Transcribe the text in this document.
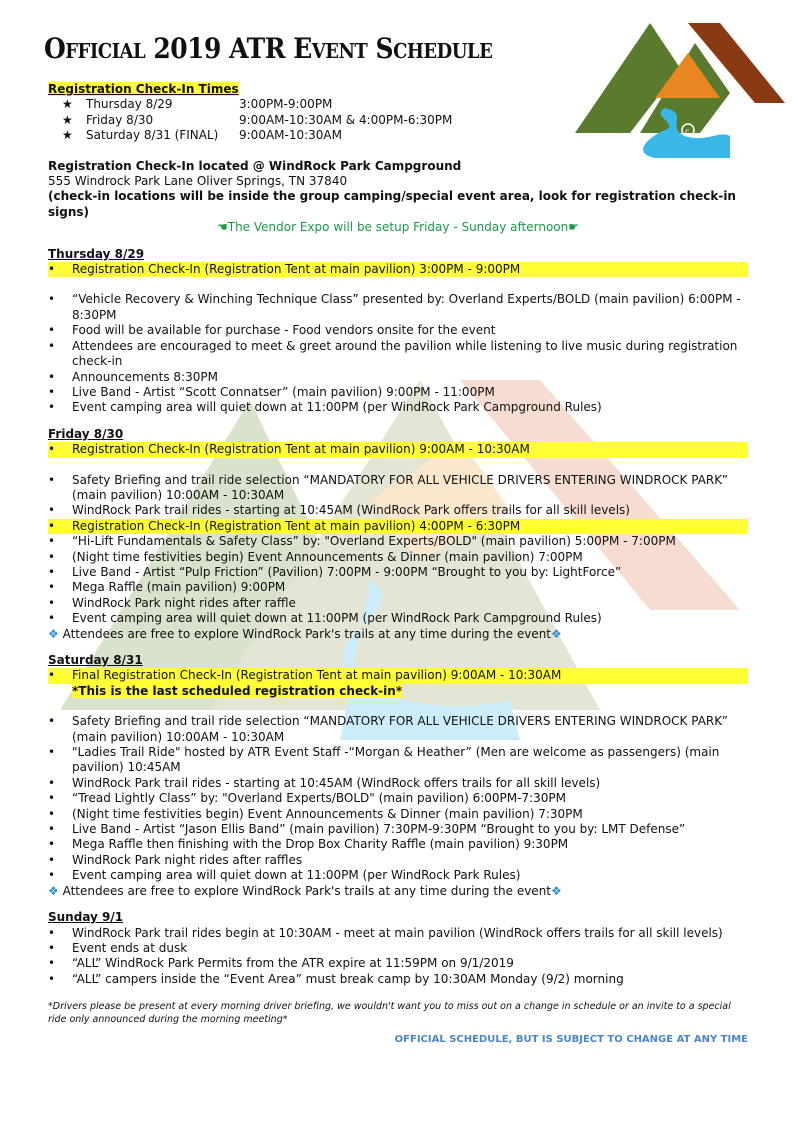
c
Official 2019 ATR Event Schedule
Registration Check-In Times
★	Thursday 8/29	3:00PM-9:00PM
★	Friday 8/30	9:00AM-10:30AM & 4:00PM-6:30PM
★	Saturday 8/31 (FINAL)	9:00AM-10:30AM
Registration Check-In located @ WindRock Park Campground
555 Windrock Park Lane Oliver Springs, TN 37840
(check-in locations will be inside the group camping/special event area, look for registration check-in signs)
☚The Vendor Expo will be setup Friday - Sunday afternoon☛
Thursday 8/29
• Registration Check-In (Registration Tent at main pavilion) 3:00PM - 9:00PM
• “Vehicle Recovery & Winching Technique Class” presented by: Overland Experts/BOLD (main pavilion) 6:00PM - 8:30PM
• Food will be available for purchase - Food vendors onsite for the event
• Attendees are encouraged to meet & greet around the pavilion while listening to live music during registration check-in
• Announcements 8:30PM
• Live Band - Artist “Scott Connatser” (main pavilion) 9:00PM - 11:00PM
• Event camping area will quiet down at 11:00PM (per WindRock Park Campground Rules)
Friday 8/30
• Registration Check-In (Registration Tent at main pavilion) 9:00AM - 10:30AM
• Safety Briefing and trail ride selection “MANDATORY FOR ALL VEHICLE DRIVERS ENTERING WINDROCK PARK” (main pavilion) 10:00AM - 10:30AM
• WindRock Park trail rides - starting at 10:45AM (WindRock Park offers trails for all skill levels)
• Registration Check-In (Registration Tent at main pavilion) 4:00PM - 6:30PM
• “Hi-Lift Fundamentals & Safety Class” by: "Overland Experts/BOLD" (main pavilion) 5:00PM - 7:00PM
• (Night time festivities begin) Event Announcements & Dinner (main pavilion) 7:00PM
• Live Band - Artist “Pulp Friction” (Pavilion) 7:00PM - 9:00PM “Brought to you by: LightForce”
• Mega Raffle (main pavilion) 9:00PM
• WindRock Park night rides after raffle
• Event camping area will quiet down at 11:00PM (per WindRock Park Campground Rules)
❖ Attendees are free to explore WindRock Park's trails at any time during the event❖
Saturday 8/31
• Final Registration Check-In (Registration Tent at main pavilion) 9:00AM - 10:30AM
*This is the last scheduled registration check-in*
• Safety Briefing and trail ride selection “MANDATORY FOR ALL VEHICLE DRIVERS ENTERING WINDROCK PARK” (main pavilion) 10:00AM - 10:30AM
• "Ladies Trail Ride" hosted by ATR Event Staff -“Morgan & Heather” (Men are welcome as passengers) (main pavilion) 10:45AM
• WindRock Park trail rides - starting at 10:45AM (WindRock offers trails for all skill levels)
• “Tread Lightly Class” by: "Overland Experts/BOLD" (main pavilion) 6:00PM-7:30PM
• (Night time festivities begin) Event Announcements & Dinner (main pavilion) 7:30PM
• Live Band - Artist “Jason Ellis Band” (main pavilion) 7:30PM-9:30PM “Brought to you by: LMT Defense”
• Mega Raffle then finishing with the Drop Box Charity Raffle (main pavilion) 9:30PM
• WindRock Park night rides after raffles
• Event camping area will quiet down at 11:00PM (per WindRock Park Rules)
❖ Attendees are free to explore WindRock Park's trails at any time during the event❖
Sunday 9/1
• WindRock Park trail rides begin at 10:30AM - meet at main pavilion (WindRock offers trails for all skill levels)
• Event ends at dusk
• “ALL” WindRock Park Permits from the ATR expire at 11:59PM on 9/1/2019
• “ALL” campers inside the “Event Area” must break camp by 10:30AM Monday (9/2) morning
*Drivers please be present at every morning driver briefing, we wouldn't want you to miss out on a change in schedule or an invite to a special ride only announced during the morning meeting*
OFFICIAL SCHEDULE, BUT IS SUBJECT TO CHANGE AT ANY TIME
